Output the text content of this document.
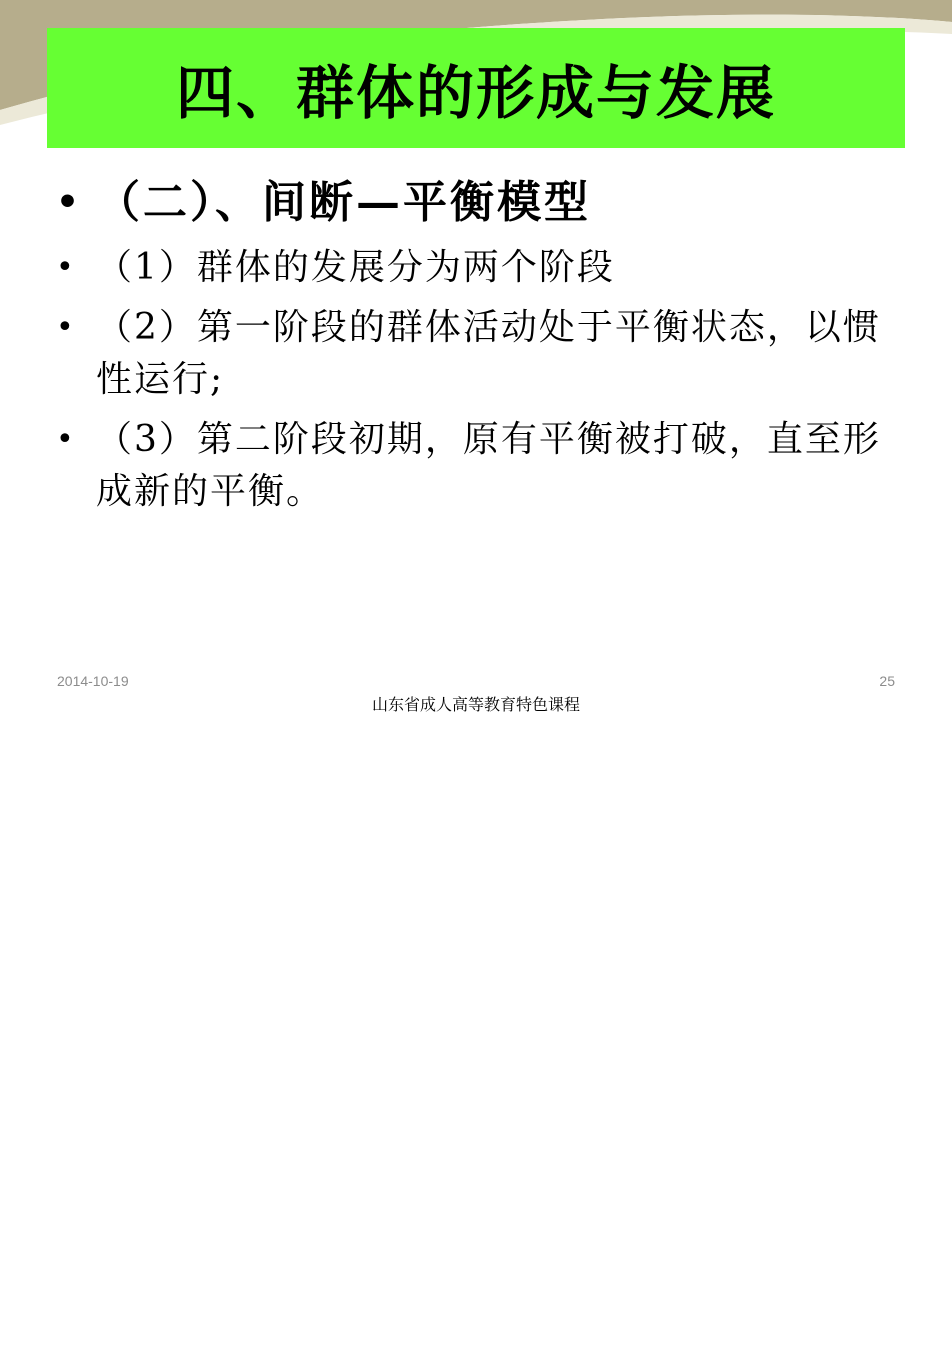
四、群体的形成与发展
• （二）、间断—平衡模型
• （1）群体的发展分为两个阶段
• （2）第一阶段的群体活动处于平衡状态，以惯性运行;
• （3）第二阶段初期，原有平衡被打破，直至形成新的平衡。
2014-10-19	25
山东省成人高等教育特色课程
